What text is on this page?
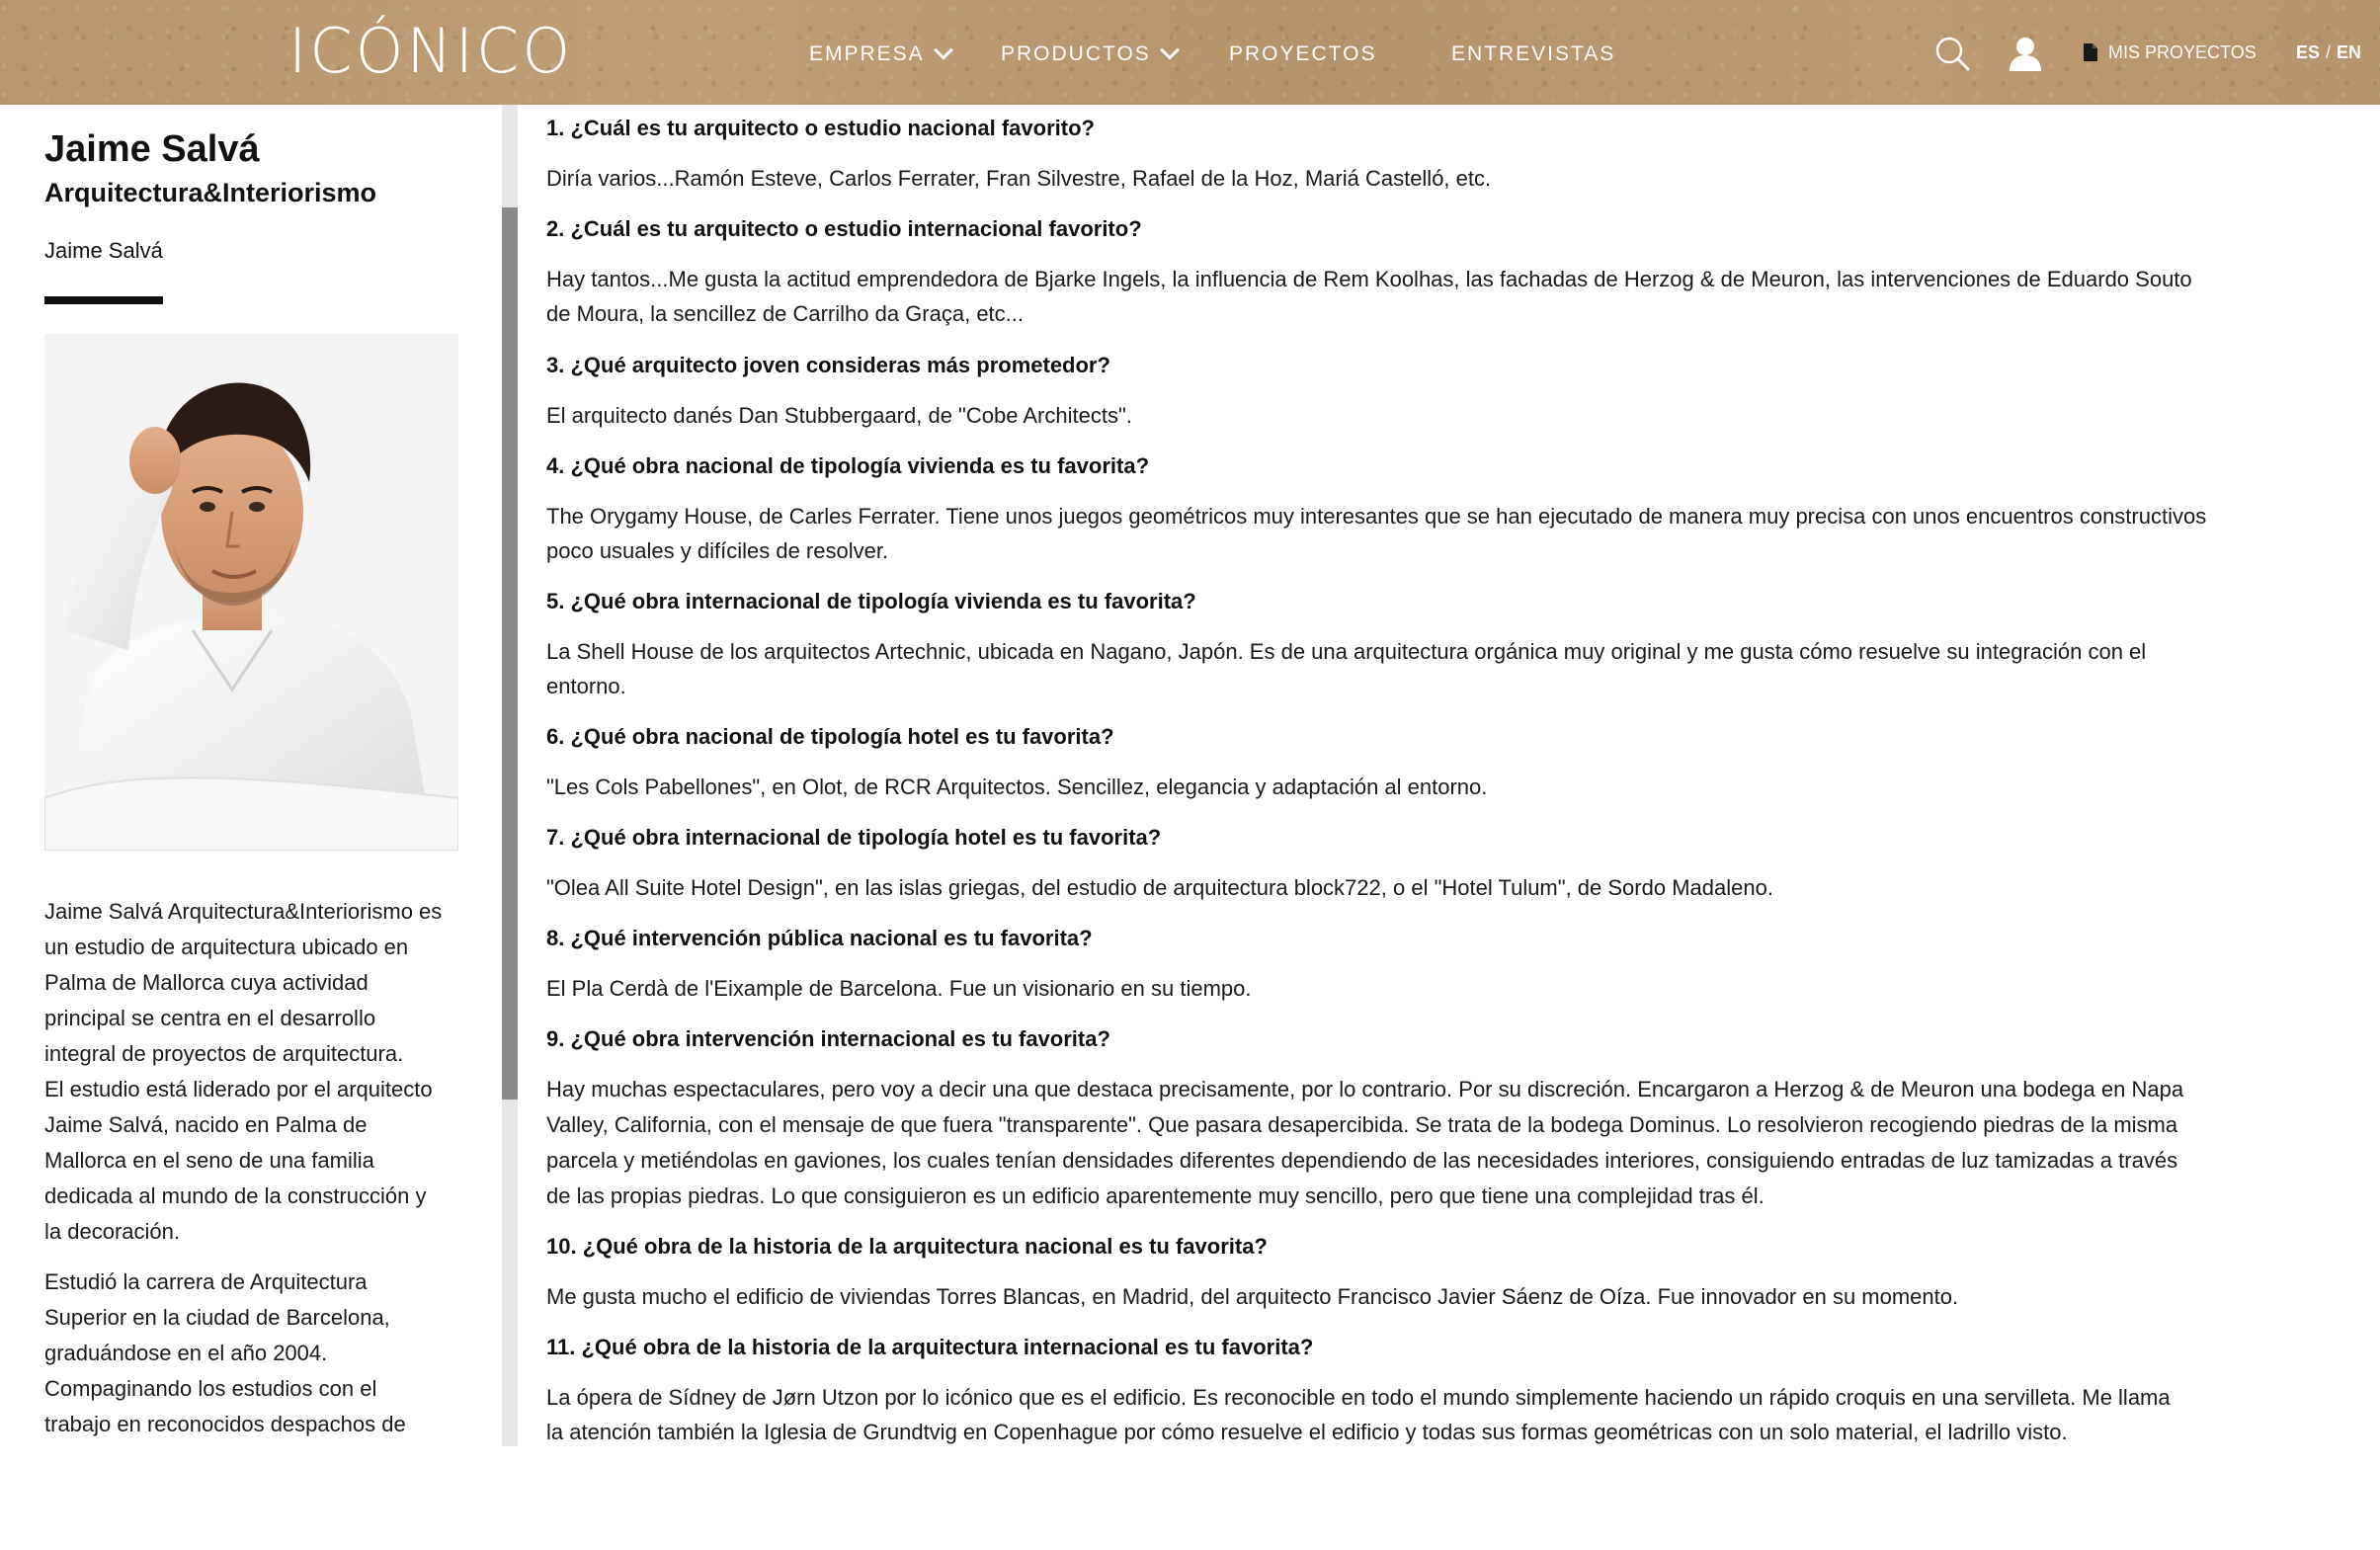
ICÓNICO	EMPRESA	PRODUCTOS	PROYECTOS	ENTREVISTAS	MIS PROYECTOS ES / EN
Jaime Salvá
Arquitectura&Interiorismo
Jaime Salvá
Jaime Salvá Arquitectura&Interiorismo es
un estudio de arquitectura ubicado en
Palma de Mallorca cuya actividad
principal se centra en el desarrollo
integral de proyectos de arquitectura.
El estudio está liderado por el arquitecto
Jaime Salvá, nacido en Palma de
Mallorca en el seno de una familia
dedicada al mundo de la construcción y
la decoración.
Estudió la carrera de Arquitectura
Superior en la ciudad de Barcelona,
graduándose en el año 2004.
Compaginando los estudios con el
trabajo en reconocidos despachos de
1. ¿Cuál es tu arquitecto o estudio nacional favorito?
Diría varios...Ramón Esteve, Carlos Ferrater, Fran Silvestre, Rafael de la Hoz, Mariá Castelló, etc.
2. ¿Cuál es tu arquitecto o estudio internacional favorito?
Hay tantos...Me gusta la actitud emprendedora de Bjarke Ingels, la influencia de Rem Koolhas, las fachadas de Herzog & de Meuron, las intervenciones de Eduardo Souto
de Moura, la sencillez de Carrilho da Graça, etc...
3. ¿Qué arquitecto joven consideras más prometedor?
El arquitecto danés Dan Stubbergaard, de "Cobe Architects".
4. ¿Qué obra nacional de tipología vivienda es tu favorita?
The Orygamy House, de Carles Ferrater. Tiene unos juegos geométricos muy interesantes que se han ejecutado de manera muy precisa con unos encuentros constructivos
poco usuales y difíciles de resolver.
5. ¿Qué obra internacional de tipología vivienda es tu favorita?
La Shell House de los arquitectos Artechnic, ubicada en Nagano, Japón. Es de una arquitectura orgánica muy original y me gusta cómo resuelve su integración con el
entorno.
6. ¿Qué obra nacional de tipología hotel es tu favorita?
"Les Cols Pabellones", en Olot, de RCR Arquitectos. Sencillez, elegancia y adaptación al entorno.
7. ¿Qué obra internacional de tipología hotel es tu favorita?
"Olea All Suite Hotel Design", en las islas griegas, del estudio de arquitectura block722, o el "Hotel Tulum", de Sordo Madaleno.
8. ¿Qué intervención pública nacional es tu favorita?
El Pla Cerdà de l'Eixample de Barcelona. Fue un visionario en su tiempo.
9. ¿Qué obra intervención internacional es tu favorita?
Hay muchas espectaculares, pero voy a decir una que destaca precisamente, por lo contrario. Por su discreción. Encargaron a Herzog & de Meuron una bodega en Napa
Valley, California, con el mensaje de que fuera "transparente". Que pasara desapercibida. Se trata de la bodega Dominus. Lo resolvieron recogiendo piedras de la misma
parcela y metiéndolas en gaviones, los cuales tenían densidades diferentes dependiendo de las necesidades interiores, consiguiendo entradas de luz tamizadas a través
de las propias piedras. Lo que consiguieron es un edificio aparentemente muy sencillo, pero que tiene una complejidad tras él.
10. ¿Qué obra de la historia de la arquitectura nacional es tu favorita?
Me gusta mucho el edificio de viviendas Torres Blancas, en Madrid, del arquitecto Francisco Javier Sáenz de Oíza. Fue innovador en su momento.
11. ¿Qué obra de la historia de la arquitectura internacional es tu favorita?
La ópera de Sídney de Jørn Utzon por lo icónico que es el edificio. Es reconocible en todo el mundo simplemente haciendo un rápido croquis en una servilleta. Me llama
la atención también la Iglesia de Grundtvig en Copenhague por cómo resuelve el edificio y todas sus formas geométricas con un solo material, el ladrillo visto.
